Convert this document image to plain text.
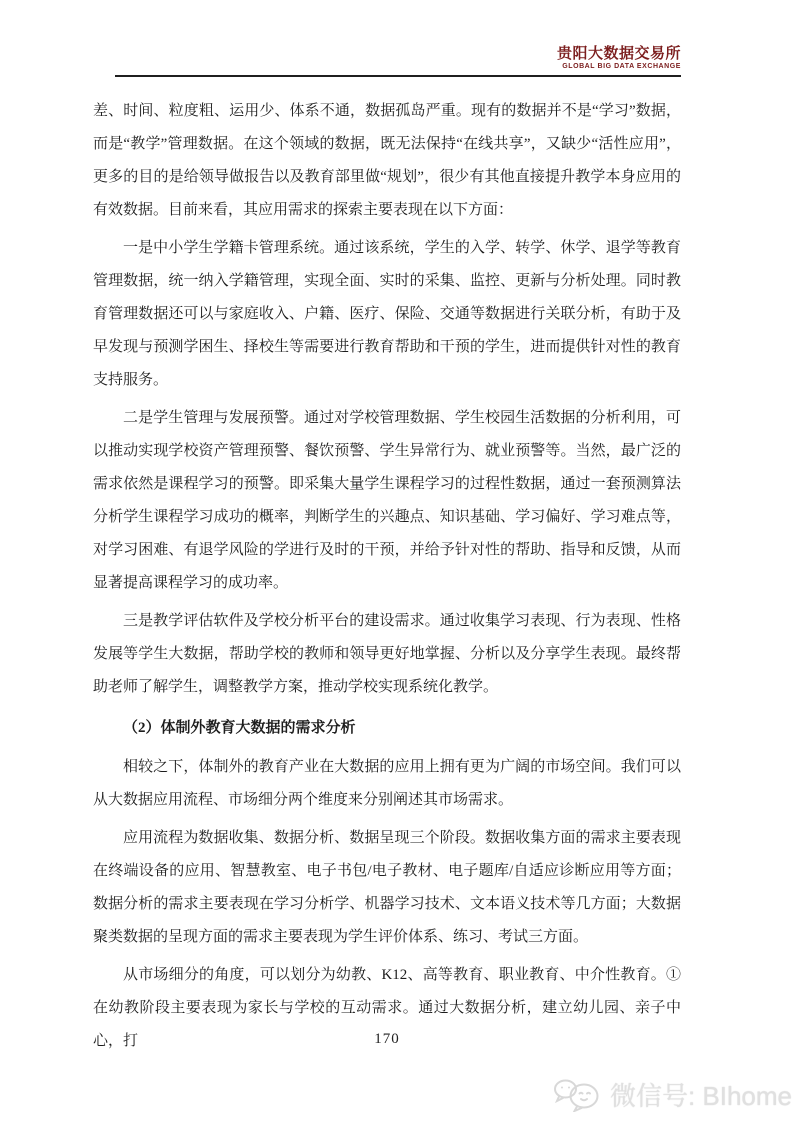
贵阳大数据交易所
GLOBAL BIG DATA EXCHANGE

差、时间、粒度粗、运用少、体系不通，数据孤岛严重。现有的数据并不是“学习”数据，而是“教学”管理数据。在这个领域的数据，既无法保持“在线共享”，又缺少“活性应用”，更多的目的是给领导做报告以及教育部里做“规划”，很少有其他直接提升教学本身应用的有效数据。目前来看，其应用需求的探索主要表现在以下方面：

一是中小学生学籍卡管理系统。通过该系统，学生的入学、转学、休学、退学等教育管理数据，统一纳入学籍管理，实现全面、实时的采集、监控、更新与分析处理。同时教育管理数据还可以与家庭收入、户籍、医疗、保险、交通等数据进行关联分析，有助于及早发现与预测学困生、择校生等需要进行教育帮助和干预的学生，进而提供针对性的教育支持服务。

二是学生管理与发展预警。通过对学校管理数据、学生校园生活数据的分析利用，可以推动实现学校资产管理预警、餐饮预警、学生异常行为、就业预警等。当然，最广泛的需求依然是课程学习的预警。即采集大量学生课程学习的过程性数据，通过一套预测算法分析学生课程学习成功的概率，判断学生的兴趣点、知识基础、学习偏好、学习难点等，对学习困难、有退学风险的学进行及时的干预，并给予针对性的帮助、指导和反馈，从而显著提高课程学习的成功率。

三是教学评估软件及学校分析平台的建设需求。通过收集学习表现、行为表现、性格发展等学生大数据，帮助学校的教师和领导更好地掌握、分析以及分享学生表现。最终帮助老师了解学生，调整教学方案，推动学校实现系统化教学。

（2）体制外教育大数据的需求分析

相较之下，体制外的教育产业在大数据的应用上拥有更为广阔的市场空间。我们可以从大数据应用流程、市场细分两个维度来分别阐述其市场需求。

应用流程为数据收集、数据分析、数据呈现三个阶段。数据收集方面的需求主要表现在终端设备的应用、智慧教室、电子书包/电子教材、电子题库/自适应诊断应用等方面；数据分析的需求主要表现在学习分析学、机器学习技术、文本语义技术等几方面；大数据聚类数据的呈现方面的需求主要表现为学生评价体系、练习、考试三方面。

从市场细分的角度，可以划分为幼教、K12、高等教育、职业教育、中介性教育。①在幼教阶段主要表现为家长与学校的互动需求。通过大数据分析，建立幼儿园、亲子中心，打	170
微信号: BIhome
